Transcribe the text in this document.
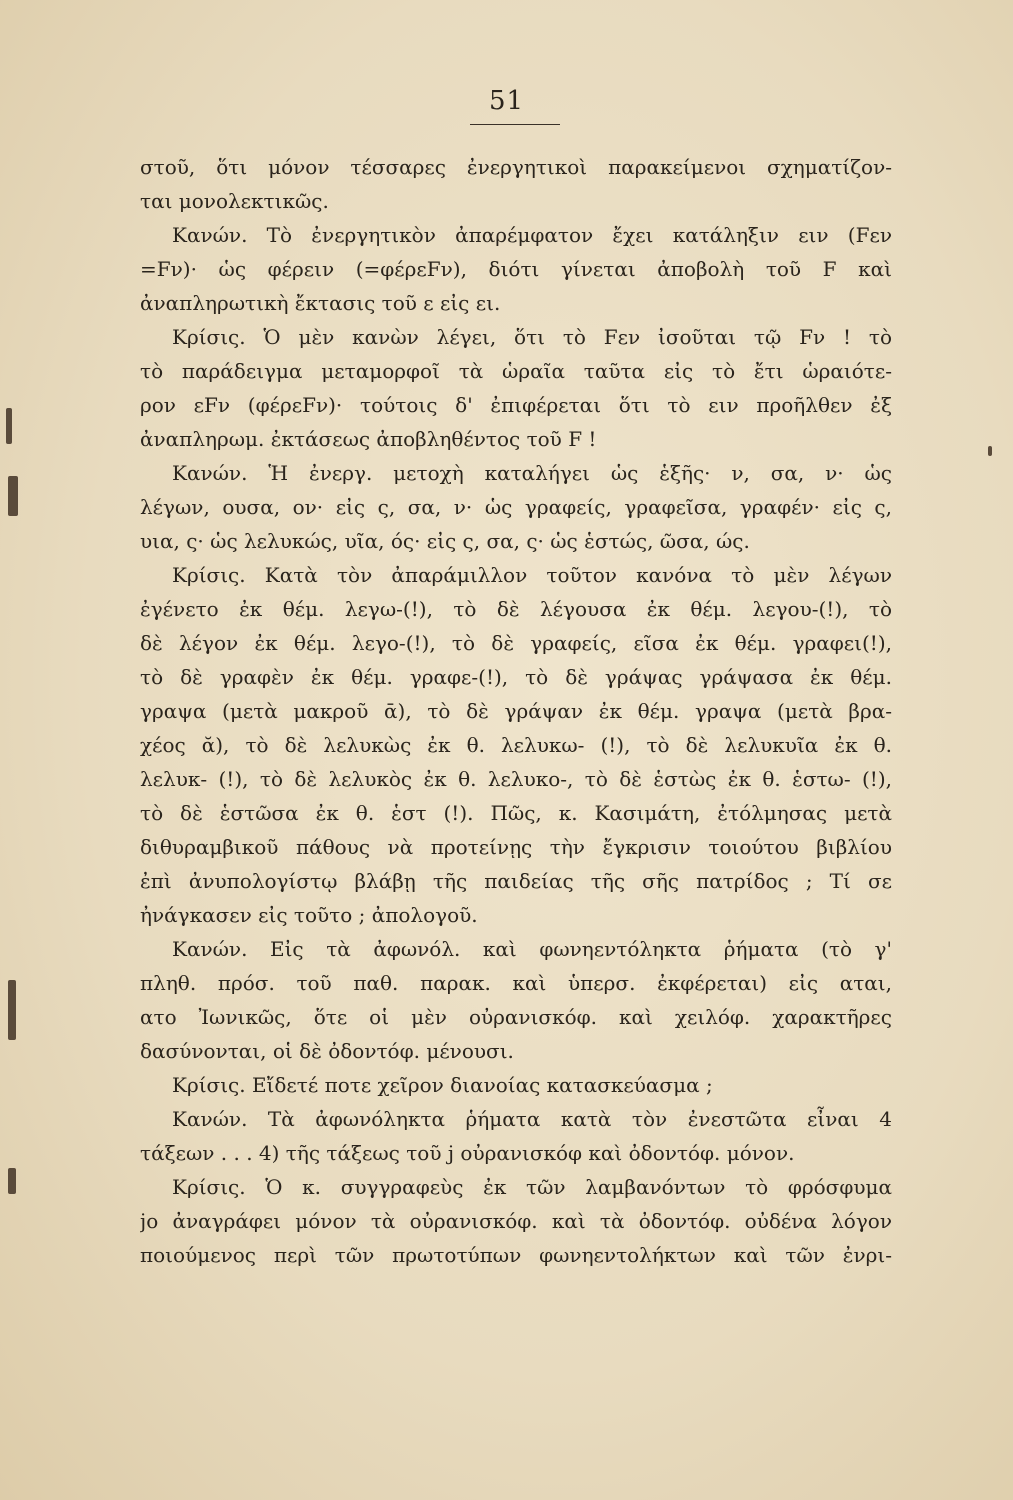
51
στοῦ, ὅτι μόνον τέσσαρες ἐνεργητικοὶ παρακείμενοι σχηματίζον-
ται μονολεκτικῶς.
Κανών. Τὸ ἐνεργητικὸν ἀπαρέμφατον ἔχει κατάληξιν ειν (Fεν
=Fν)· ὡς φέρειν (=φέρεFν), διότι γίνεται ἀποβολὴ τοῦ F καὶ
ἀναπληρωτικὴ ἔκτασις τοῦ ε εἰς ει.
Κρίσις. Ὁ μὲν κανὼν λέγει, ὅτι τὸ Fεν ἰσοῦται τῷ Fν ! τὸ
τὸ παράδειγμα μεταμορφοῖ τὰ ὡραῖα ταῦτα εἰς τὸ ἔτι ὡραιότε-
ρον εFν (φέρεFν)· τούτοις δ' ἐπιφέρεται ὅτι τὸ ειν προῆλθεν ἐξ
ἀναπληρωμ. ἐκτάσεως ἀποβληθέντος τοῦ F !
Κανών. Ἡ ἐνεργ. μετοχὴ καταλήγει ὡς ἑξῆς· ν, σα, ν· ὡς
λέγων, ουσα, ον· εἰς ς, σα, ν· ὡς γραφείς, γραφεῖσα, γραφέν· εἰς ς,
υια, ς· ὡς λελυκώς, υῖα, ός· εἰς ς, σα, ς· ὡς ἑστώς, ῶσα, ώς.
Κρίσις. Κατὰ τὸν ἀπαράμιλλον τοῦτον κανόνα τὸ μὲν λέγων
ἐγένετο ἐκ θέμ. λεγω-(!), τὸ δὲ λέγουσα ἐκ θέμ. λεγου-(!), τὸ
δὲ λέγον ἐκ θέμ. λεγο-(!), τὸ δὲ γραφείς, εῖσα ἐκ θέμ. γραφει(!),
τὸ δὲ γραφὲν ἐκ θέμ. γραφε-(!), τὸ δὲ γράψας γράψασα ἐκ θέμ.
γραψα (μετὰ μακροῦ ᾱ), τὸ δὲ γράψαν ἐκ θέμ. γραψα (μετὰ βρα-
χέος ᾰ), τὸ δὲ λελυκὼς ἐκ θ. λελυκω- (!), τὸ δὲ λελυκυῖα ἐκ θ.
λελυκ- (!), τὸ δὲ λελυκὸς ἐκ θ. λελυκο-, τὸ δὲ ἑστὼς ἐκ θ. ἑστω- (!),
τὸ δὲ ἑστῶσα ἐκ θ. ἑστ (!). Πῶς, κ. Κασιμάτη, ἐτόλμησας μετὰ
διθυραμβικοῦ πάθους νὰ προτείνῃς τὴν ἔγκρισιν τοιούτου βιβλίου
ἐπὶ ἀνυπολογίστῳ βλάβῃ τῆς παιδείας τῆς σῆς πατρίδος ; Τί σε
ἠνάγκασεν εἰς τοῦτο ; ἀπολογοῦ.
Κανών. Εἰς τὰ ἀφωνόλ. καὶ φωνηεντόληκτα ῥήματα (τὸ γ'
πληθ. πρόσ. τοῦ παθ. παρακ. καὶ ὑπερσ. ἐκφέρεται) εἰς αται,
ατο Ἰωνικῶς, ὅτε οἱ μὲν οὐρανισκόφ. καὶ χειλόφ. χαρακτῆρες
δασύνονται, οἱ δὲ ὀδοντόφ. μένουσι.
Κρίσις. Εἴδετέ ποτε χεῖρον διανοίας κατασκεύασμα ;
Κανών. Τὰ ἀφωνόληκτα ῥήματα κατὰ τὸν ἐνεστῶτα εἶναι 4
τάξεων . . . 4) τῆς τάξεως τοῦ j οὐρανισκόφ καὶ ὀδοντόφ. μόνον.
Κρίσις. Ὁ κ. συγγραφεὺς ἐκ τῶν λαμβανόντων τὸ φρόσφυμα
jo ἀναγράφει μόνον τὰ οὐρανισκόφ. καὶ τὰ ὀδοντόφ. οὐδένα λόγον
ποιούμενος περὶ τῶν πρωτοτύπων φωνηεντολήκτων καὶ τῶν ἐνρι-
